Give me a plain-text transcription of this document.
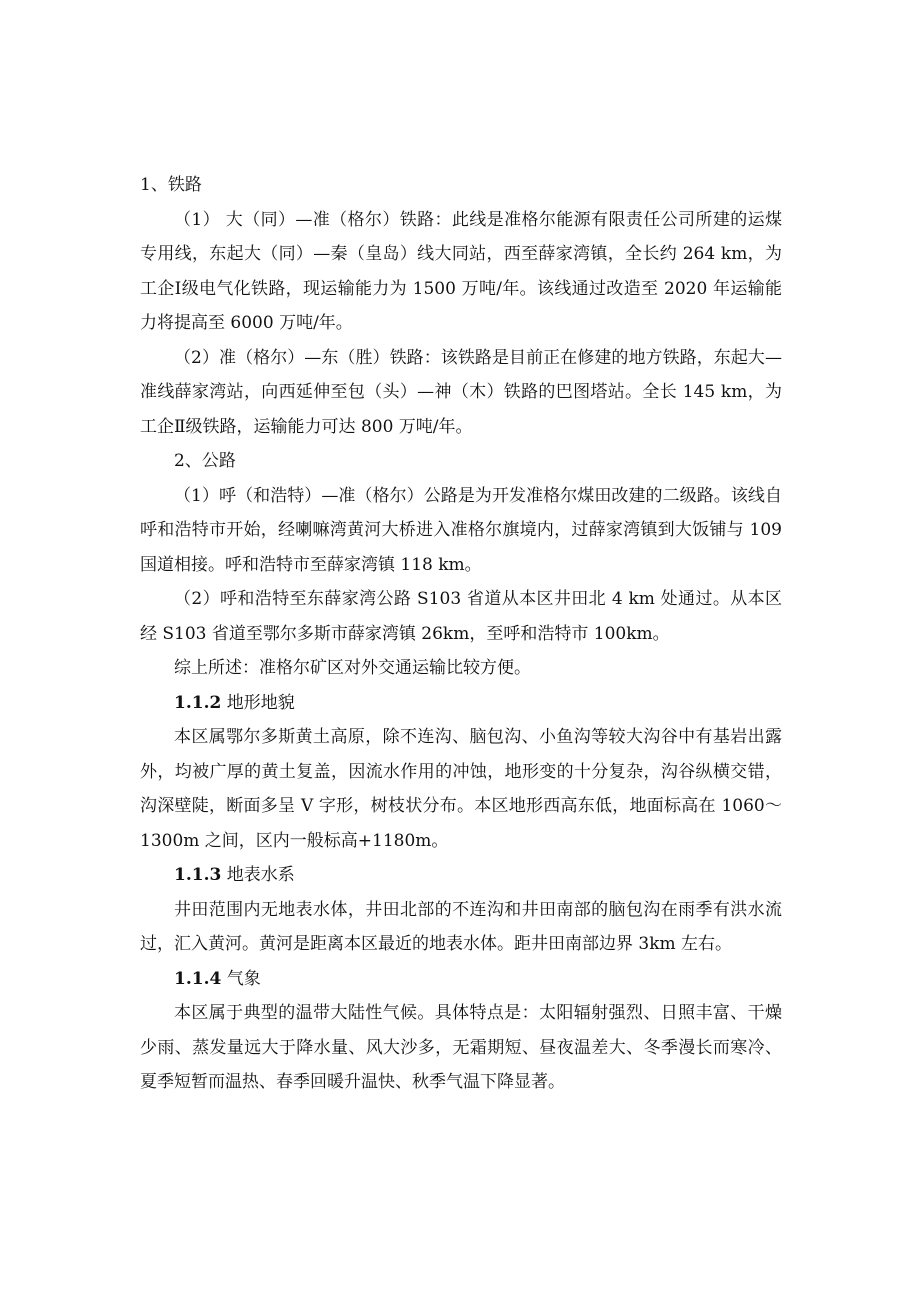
1、铁路

（1） 大（同）—准（格尔）铁路：此线是准格尔能源有限责任公司所建的运煤专用线，东起大（同）—秦（皇岛）线大同站，西至薛家湾镇，全长约 264 km，为工企Ⅰ级电气化铁路，现运输能力为 1500 万吨/年。该线通过改造至 2020 年运输能力将提高至 6000 万吨/年。

（2）准（格尔）—东（胜）铁路：该铁路是目前正在修建的地方铁路，东起大—准线薛家湾站，向西延伸至包（头）—神（木）铁路的巴图塔站。全长 145 km，为工企Ⅱ级铁路，运输能力可达 800 万吨/年。

2、公路

（1）呼（和浩特）—准（格尔）公路是为开发准格尔煤田改建的二级路。该线自呼和浩特市开始，经喇嘛湾黄河大桥进入准格尔旗境内，过薛家湾镇到大饭铺与 109 国道相接。呼和浩特市至薛家湾镇 118 km。

（2）呼和浩特至东薛家湾公路 S103 省道从本区井田北 4 km 处通过。从本区经 S103 省道至鄂尔多斯市薛家湾镇 26km，至呼和浩特市 100km。

综上所述：准格尔矿区对外交通运输比较方便。

1.1.2 地形地貌

本区属鄂尔多斯黄土高原，除不连沟、脑包沟、小鱼沟等较大沟谷中有基岩出露外，均被广厚的黄土复盖，因流水作用的冲蚀，地形变的十分复杂，沟谷纵横交错，沟深壁陡，断面多呈 V 字形，树枝状分布。本区地形西高东低，地面标高在 1060～1300m 之间，区内一般标高+1180m。

1.1.3 地表水系

井田范围内无地表水体，井田北部的不连沟和井田南部的脑包沟在雨季有洪水流过，汇入黄河。黄河是距离本区最近的地表水体。距井田南部边界 3km 左右。

1.1.4 气象

本区属于典型的温带大陆性气候。具体特点是：太阳辐射强烈、日照丰富、干燥少雨、蒸发量远大于降水量、风大沙多，无霜期短、昼夜温差大、冬季漫长而寒冷、夏季短暂而温热、春季回暖升温快、秋季气温下降显著。
